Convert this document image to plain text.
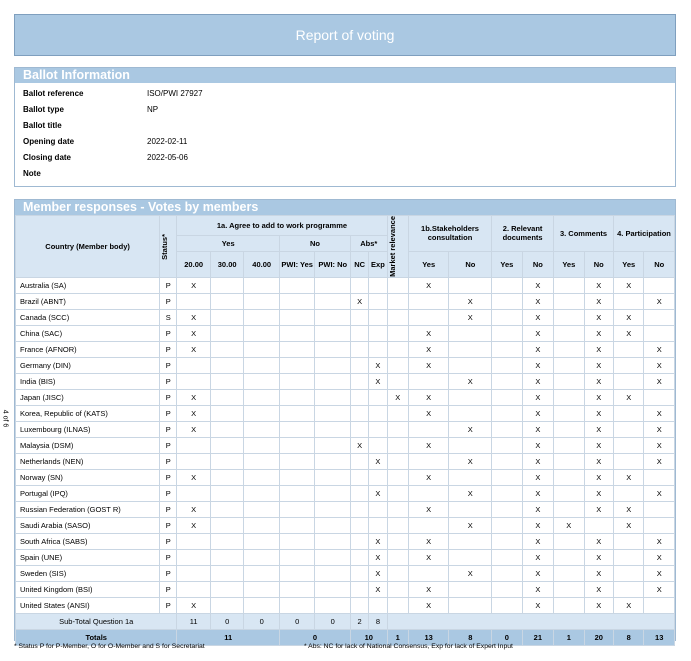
Report of voting
4 of 6
Ballot Information
Ballot reference	ISO/PWI 27927
Ballot type	NP
Ballot title
Opening date	2022-02-11
Closing date	2022-05-06
Note
Member responses - Votes by members
Country (Member body)	Status*	1a. Agree to add to work programme							Market relevance	1b.Stakeholders consultation		2. Relevant documents		3. Comments		4. Participation	
		Yes			No		Abs*										
		20.00	30.00	40.00	PWI: Yes	PWI: No	NC	Exp		Yes	No	Yes	No	Yes	No	Yes	No
Australia (SA)	P	X								X			X		X	X	
Brazil (ABNT)	P						X				X		X		X		X
Canada (SCC)	S	X									X		X		X	X	
China (SAC)	P	X								X			X		X	X	
France (AFNOR)	P	X								X			X		X		X
Germany (DIN)	P							X		X			X		X		X
India (BIS)	P							X			X		X		X		X
Japan (JISC)	P	X							X	X			X		X	X	
Korea, Republic of (KATS)	P	X								X			X		X		X
Luxembourg (ILNAS)	P	X									X		X		X		X
Malaysia (DSM)	P						X			X			X		X		X
Netherlands (NEN)	P							X			X		X		X		X
Norway (SN)	P	X								X			X		X	X	
Portugal (IPQ)	P							X			X		X		X		X
Russian Federation (GOST R)	P	X								X			X		X	X	
Saudi Arabia (SASO)	P	X									X		X	X		X	
South Africa (SABS)	P							X		X			X		X		X
Spain (UNE)	P							X		X			X		X		X
Sweden (SIS)	P							X			X		X		X		X
United Kingdom (BSI)	P							X		X			X		X		X
United States (ANSI)	P	X								X			X		X	X	
Sub-Total Question 1a		11	0	0	0	0	2	8									
Totals		11			0		10		1	13	8	0	21	1	20	8	13
* Status P for P-Member, O for O-Member and S for Secretariat	* Abs: NC for lack of National Consensus, Exp for lack of Expert Input
